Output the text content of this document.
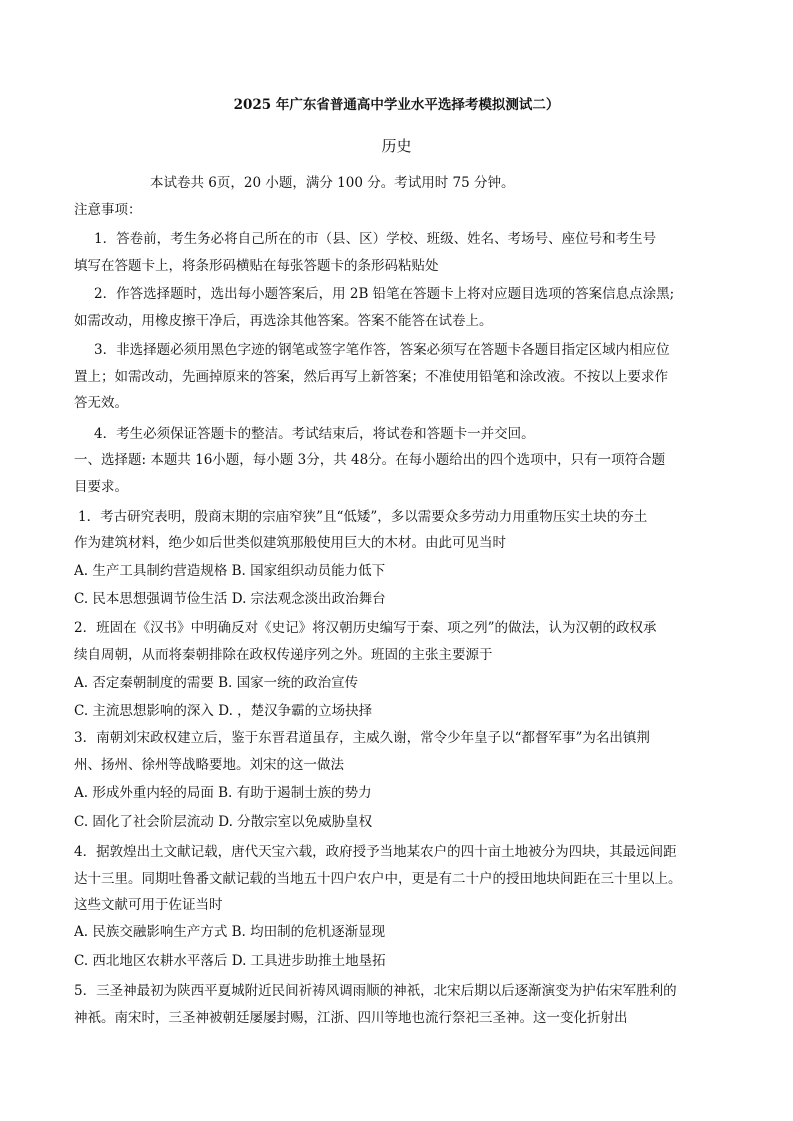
2025 年广东省普通高中学业水平选择考模拟测试二）
历史
本试卷共 6页，20 小题，满分 100 分。考试用时 75 分钟。
注意事项：
1．答卷前，考生务必将自己所在的市（县、区）学校、班级、姓名、考场号、座位号和考生号
填写在答题卡上，将条形码横贴在每张答题卡的条形码粘贴处
2．作答选择题时，选出每小题答案后，用 2B 铅笔在答题卡上将对应题目选项的答案信息点涂黑;
如需改动，用橡皮擦干净后，再选涂其他答案。答案不能答在试卷上。
3．非选择题必须用黑色字迹的钢笔或签字笔作答，答案必须写在答题卡各题目指定区域内相应位
置上；如需改动，先画掉原来的答案，然后再写上新答案；不准使用铅笔和涂改液。不按以上要求作
答无效。
4．考生必须保证答题卡的整洁。考试结束后，将试卷和答题卡一并交回。
一、选择题: 本题共 16小题，每小题 3分，共 48分。在每小题给出的四个选项中，只有一项符合题
目要求。
1．考古研究表明，殷商末期的宗庙窄狭”且“低矮”，多以需要众多劳动力用重物压实土块的夯土
作为建筑材料，绝少如后世类似建筑那般使用巨大的木材。由此可见当时
A. 生产工具制约营造规格 B. 国家组织动员能力低下
C. 民本思想强调节俭生活 D. 宗法观念淡出政治舞台
2．班固在《汉书》中明确反对《史记》将汉朝历史编写于秦、项之列”的做法，认为汉朝的政权承
续自周朝，从而将秦朝排除在政权传递序列之外。班固的主张主要源于
A. 否定秦朝制度的需要 B. 国家一统的政治宣传
C. 主流思想影响的深入 D. ，楚汉争霸的立场抉择
3．南朝刘宋政权建立后，鉴于东晋君道虽存，主威久谢，常令少年皇子以“都督军事”为名出镇荆
州、扬州、徐州等战略要地。刘宋的这一做法
A. 形成外重内轻的局面 B. 有助于遏制士族的势力
C. 固化了社会阶层流动 D. 分散宗室以免威胁皇权
4．据敦煌出土文献记载，唐代天宝六载，政府授予当地某农户的四十亩土地被分为四块，其最远间距
达十三里。同期吐鲁番文献记载的当地五十四户农户中，更是有二十户的授田地块间距在三十里以上。
这些文献可用于佐证当时
A. 民族交融影响生产方式 B. 均田制的危机逐渐显现
C. 西北地区农耕水平落后 D. 工具进步助推土地垦拓
5．三圣神最初为陕西平夏城附近民间祈祷风调雨顺的神祇，北宋后期以后逐渐演变为护佑宋军胜利的
神祇。南宋时，三圣神被朝廷屡屡封赐，江浙、四川等地也流行祭祀三圣神。这一变化折射出
